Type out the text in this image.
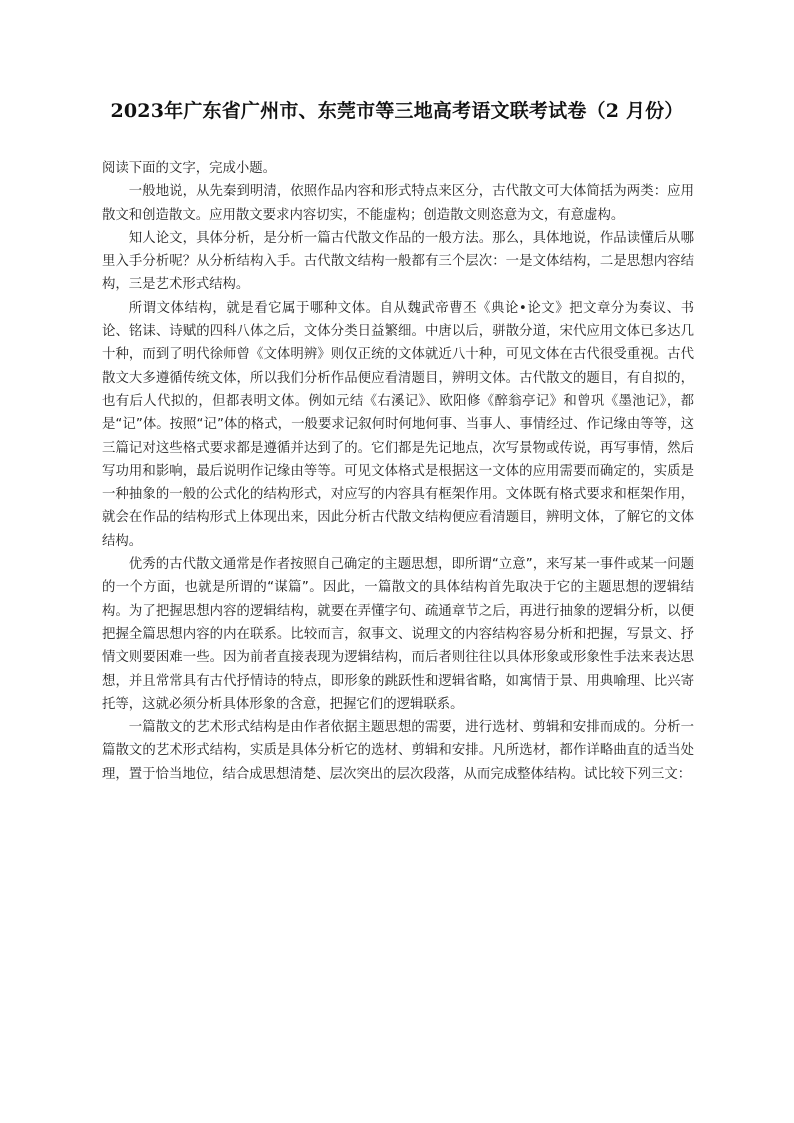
2023年广东省广州市、东莞市等三地高考语文联考试卷（2 月份）

阅读下面的文字，完成小题。

一般地说，从先秦到明清，依照作品内容和形式特点来区分，古代散文可大体简括为两类：应用散文和创造散文。应用散文要求内容切实，不能虚构；创造散文则恣意为文，有意虚构。

知人论文，具体分析，是分析一篇古代散文作品的一般方法。那么，具体地说，作品读懂后从哪里入手分析呢？从分析结构入手。古代散文结构一般都有三个层次：一是文体结构，二是思想内容结构，三是艺术形式结构。

所谓文体结构，就是看它属于哪种文体。自从魏武帝曹丕《典论•论文》把文章分为奏议、书论、铭诔、诗赋的四科八体之后，文体分类日益繁细。中唐以后，骈散分道，宋代应用文体已多达几十种，而到了明代徐师曾《文体明辨》则仅正统的文体就近八十种，可见文体在古代很受重视。古代散文大多遵循传统文体，所以我们分析作品便应看清题目，辨明文体。古代散文的题目，有自拟的，也有后人代拟的，但都表明文体。例如元结《右溪记》、欧阳修《醉翁亭记》和曾巩《墨池记》，都是“记”体。按照“记”体的格式，一般要求记叙何时何地何事、当事人、事情经过、作记缘由等等，这三篇记对这些格式要求都是遵循并达到了的。它们都是先记地点，次写景物或传说，再写事情，然后写功用和影响，最后说明作记缘由等等。可见文体格式是根据这一文体的应用需要而确定的，实质是一种抽象的一般的公式化的结构形式，对应写的内容具有框架作用。文体既有格式要求和框架作用，就会在作品的结构形式上体现出来，因此分析古代散文结构便应看清题目，辨明文体，了解它的文体结构。

优秀的古代散文通常是作者按照自己确定的主题思想，即所谓“立意”，来写某一事件或某一问题的一个方面，也就是所谓的“谋篇”。因此，一篇散文的具体结构首先取决于它的主题思想的逻辑结构。为了把握思想内容的逻辑结构，就要在弄懂字句、疏通章节之后，再进行抽象的逻辑分析，以便把握全篇思想内容的内在联系。比较而言，叙事文、说理文的内容结构容易分析和把握，写景文、抒情文则要困难一些。因为前者直接表现为逻辑结构，而后者则往往以具体形象或形象性手法来表达思想，并且常常具有古代抒情诗的特点，即形象的跳跃性和逻辑省略，如寓情于景、用典喻理、比兴寄托等，这就必须分析具体形象的含意，把握它们的逻辑联系。

一篇散文的艺术形式结构是由作者依据主题思想的需要，进行选材、剪辑和安排而成的。分析一篇散文的艺术形式结构，实质是具体分析它的选材、剪辑和安排。凡所选材，都作详略曲直的适当处理，置于恰当地位，结合成思想清楚、层次突出的层次段落，从而完成整体结构。试比较下列三文：
